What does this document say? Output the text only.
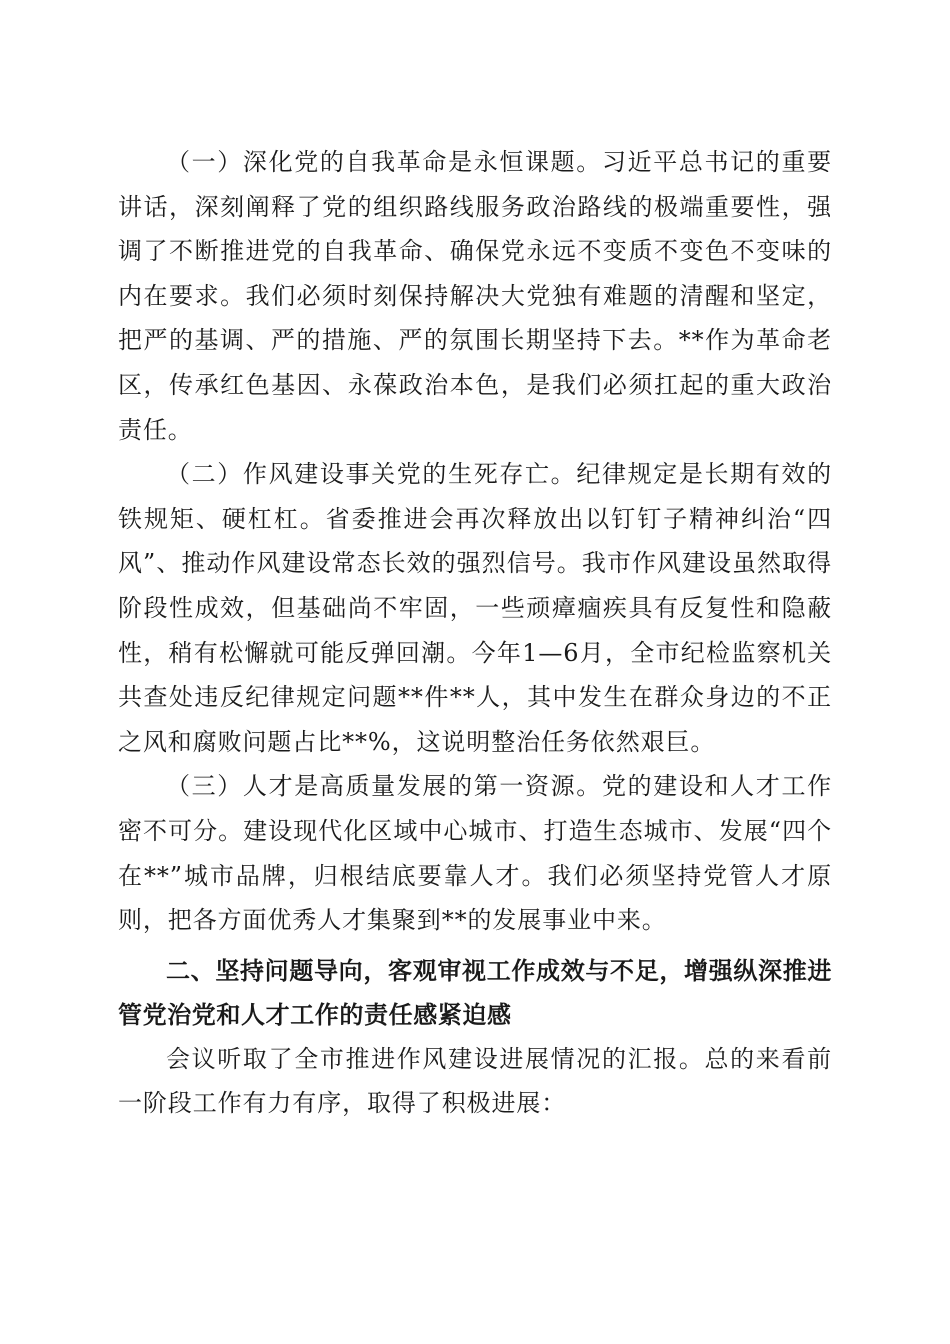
（一）深化党的自我革命是永恒课题。习近平总书记的重要讲话，深刻阐释了党的组织路线服务政治路线的极端重要性，强调了不断推进党的自我革命、确保党永远不变质不变色不变味的内在要求。我们必须时刻保持解决大党独有难题的清醒和坚定，把严的基调、严的措施、严的氛围长期坚持下去。**作为革命老区，传承红色基因、永葆政治本色，是我们必须扛起的重大政治责任。

（二）作风建设事关党的生死存亡。纪律规定是长期有效的铁规矩、硬杠杠。省委推进会再次释放出以钉钉子精神纠治“四风”、推动作风建设常态长效的强烈信号。我市作风建设虽然取得阶段性成效，但基础尚不牢固，一些顽瘴痼疾具有反复性和隐蔽性，稍有松懈就可能反弹回潮。今年1—6月，全市纪检监察机关共查处违反纪律规定问题**件**人，其中发生在群众身边的不正之风和腐败问题占比**%，这说明整治任务依然艰巨。

（三）人才是高质量发展的第一资源。党的建设和人才工作密不可分。建设现代化区域中心城市、打造生态城市、发展“四个在**”城市品牌，归根结底要靠人才。我们必须坚持党管人才原则，把各方面优秀人才集聚到**的发展事业中来。

二、坚持问题导向，客观审视工作成效与不足，增强纵深推进管党治党和人才工作的责任感紧迫感

会议听取了全市推进作风建设进展情况的汇报。总的来看前一阶段工作有力有序，取得了积极进展：
